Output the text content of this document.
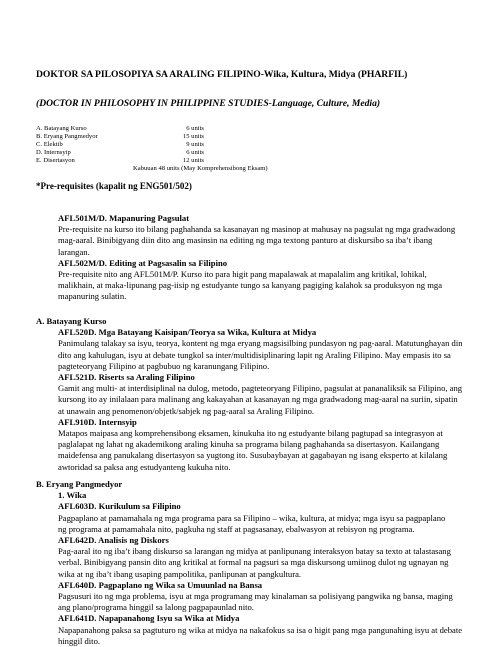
DOKTOR SA PILOSOPIYA SA ARALING FILIPINO-Wika, Kultura, Midya (PHARFIL)
(DOCTOR IN PHILOSOPHY IN PHILIPPINE STUDIES-Language, Culture, Media)
A. Batayang Kurso	6 units
B. Eryang Pangmedyor	15 units
C. Elektib	9 units
D. Internsyip	6 units
E. Disertasyon	12 units
Kabuuan 48 units (May Komprehensibong Eksam)
*Pre-requisites (kapalit ng ENG501/502)
AFL501M/D. Mapanuring Pagsulat
Pre-requisite na kurso ito bilang paghahanda sa kasanayan ng masinop at mahusay na pagsulat ng mga gradwadong
mag-aaral. Binibigyang diin dito ang masinsin na editing ng mga textong panturo at diskursibo sa iba’t ibang
larangan.
AFL502M/D. Editing at Pagsasalin sa Filipino
Pre-requisite nito ang AFL501M/P. Kurso ito para higit pang mapalawak at mapalalim ang kritikal, lohikal,
malikhain, at maka-lipunang pag-iisip ng estudyante tungo sa kanyang pagiging kalahok sa produksyon ng mga
mapanuring sulatin.
A. Batayang Kurso
AFL520D. Mga Batayang Kaisipan/Teorya sa Wika, Kultura at Midya
Panimulang talakay sa isyu, teorya, kontent ng mga eryang magsisilbing pundasyon ng pag-aaral. Matutunghayan din
dito ang kahulugan, isyu at debate tungkol sa inter/multidisiplinaring lapit ng Araling Filipino. May empasis ito sa
pagteteoryang Filipino at pagbubuo ng karanungang Filipino.
AFL521D. Riserts sa Araling Filipino
Gamit ang multi- at interdisiplinal na dulog, metodo, pagteteoryang Filipino, pagsulat at pananaliksik sa Filipino, ang
kursong ito ay inilalaan para malinang ang kakayahan at kasanayan ng mga gradwadong mag-aaral na suriin, sipatin
at unawain ang penomenon/objetk/sabjek ng pag-aaral sa Araling Filipino.
AFL910D. Internsyip
Matapos maipasa ang komprehensibong eksamen, kinukuha ito ng estudyante bilang pagtupad sa integrasyon at
paglalapat ng lahat ng akademikong araling kinuha sa programa bilang paghahanda sa disertasyon. Kailangang
maidefensa ang panukalang disertasyon sa yugtong ito. Susubaybayan at gagabayan ng isang eksperto at kilalang
awtoridad sa paksa ang estudyanteng kukuha nito.
B. Eryang Pangmedyor
1. Wika
AFL603D. Kurikulum sa Filipino
Pagpaplano at pamamahala ng mga programa para sa Filipino – wika, kultura, at midya; mga isyu sa pagpaplano
ng programa at pamamahala nito, pagkuha ng staff at pagsasanay, ebalwasyon at rebisyon ng programa.
AFL642D. Analisis ng Diskors
Pag-aaral ito ng iba’t ibang diskurso sa larangan ng midya at panlipunang interaksyon batay sa texto at talastasang
verbal. Binibigyang pansin dito ang kritikal at formal na pagsuri sa mga diskursong umiinog dulot ng ugnayan ng
wika at ng iba’t ibang usaping pampolitika, panlipunan at pangkultura.
AFL640D. Pagpaplano ng Wika sa Umuunlad na Bansa
Pagsusuri ito ng mga problema, isyu at mga programang may kinalaman sa polisiyang pangwika ng bansa, maging
ang plano/programa hinggil sa lalong pagpapaunlad nito.
AFL641D. Napapanahong Isyu sa Wika at Midya
Napapanahong paksa sa pagtuturo ng wika at midya na nakafokus sa isa o higit pang mga pangunahing isyu at debate
hinggil dito.
